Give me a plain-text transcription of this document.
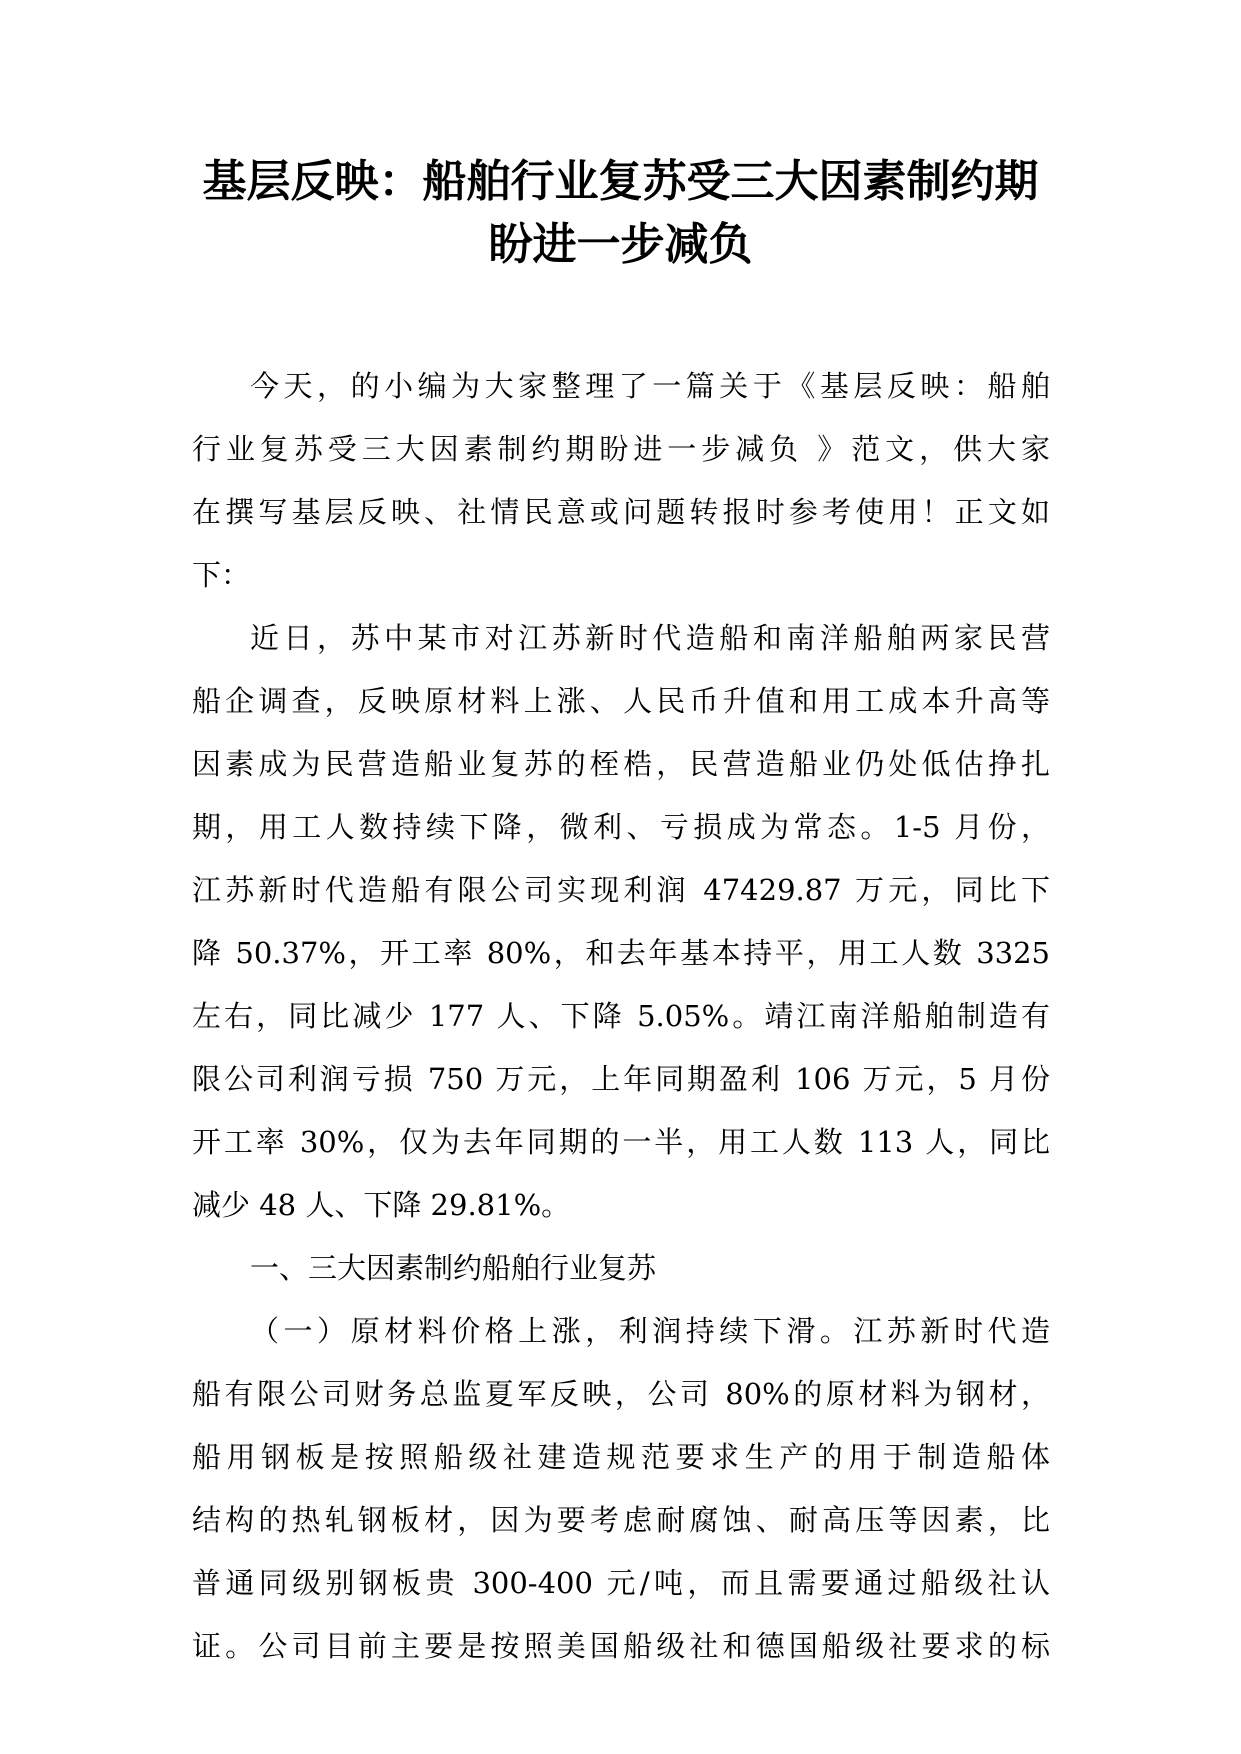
基层反映：船舶行业复苏受三大因素制约期
盼进一步减负
今天，的小编为大家整理了一篇关于《基层反映：船舶
行业复苏受三大因素制约期盼进一步减负 》范文，供大家
在撰写基层反映、社情民意或问题转报时参考使用！正文如
下：
近日，苏中某市对江苏新时代造船和南洋船舶两家民营
船企调查，反映原材料上涨、人民币升值和用工成本升高等
因素成为民营造船业复苏的桎梏，民营造船业仍处低估挣扎
期，用工人数持续下降，微利、亏损成为常态。1-5 月份，
江苏新时代造船有限公司实现利润 47429.87 万元，同比下
降 50.37%，开工率 80%，和去年基本持平，用工人数 3325
左右，同比减少 177 人、下降 5.05%。靖江南洋船舶制造有
限公司利润亏损 750 万元，上年同期盈利 106 万元，5 月份
开工率 30%，仅为去年同期的一半，用工人数 113 人，同比
减少 48 人、下降 29.81%。
一、三大因素制约船舶行业复苏
（一）原材料价格上涨，利润持续下滑。江苏新时代造
船有限公司财务总监夏军反映，公司 80%的原材料为钢材，
船用钢板是按照船级社建造规范要求生产的用于制造船体
结构的热轧钢板材，因为要考虑耐腐蚀、耐高压等因素，比
普通同级别钢板贵 300-400 元/吨，而且需要通过船级社认
证。公司目前主要是按照美国船级社和德国船级社要求的标
